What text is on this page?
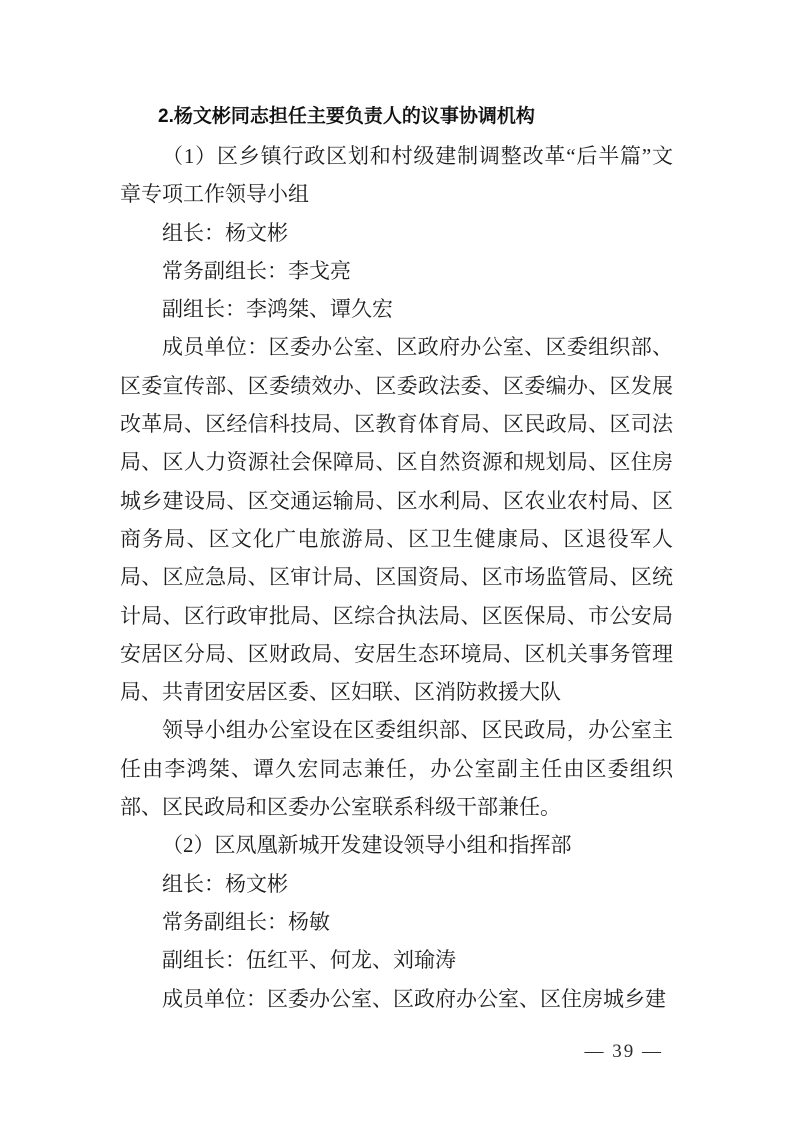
2.杨文彬同志担任主要负责人的议事协调机构

（1）区乡镇行政区划和村级建制调整改革“后半篇”文章专项工作领导小组

组长：杨文彬

常务副组长：李戈亮

副组长：李鸿桀、谭久宏

成员单位：区委办公室、区政府办公室、区委组织部、区委宣传部、区委绩效办、区委政法委、区委编办、区发展改革局、区经信科技局、区教育体育局、区民政局、区司法局、区人力资源社会保障局、区自然资源和规划局、区住房城乡建设局、区交通运输局、区水利局、区农业农村局、区商务局、区文化广电旅游局、区卫生健康局、区退役军人局、区应急局、区审计局、区国资局、区市场监管局、区统计局、区行政审批局、区综合执法局、区医保局、市公安局安居区分局、区财政局、安居生态环境局、区机关事务管理局、共青团安居区委、区妇联、区消防救援大队

领导小组办公室设在区委组织部、区民政局，办公室主任由李鸿桀、谭久宏同志兼任，办公室副主任由区委组织部、区民政局和区委办公室联系科级干部兼任。

（2）区凤凰新城开发建设领导小组和指挥部

组长：杨文彬

常务副组长：杨敏

副组长：伍红平、何龙、刘瑜涛

成员单位：区委办公室、区政府办公室、区住房城乡建

— 39 —
